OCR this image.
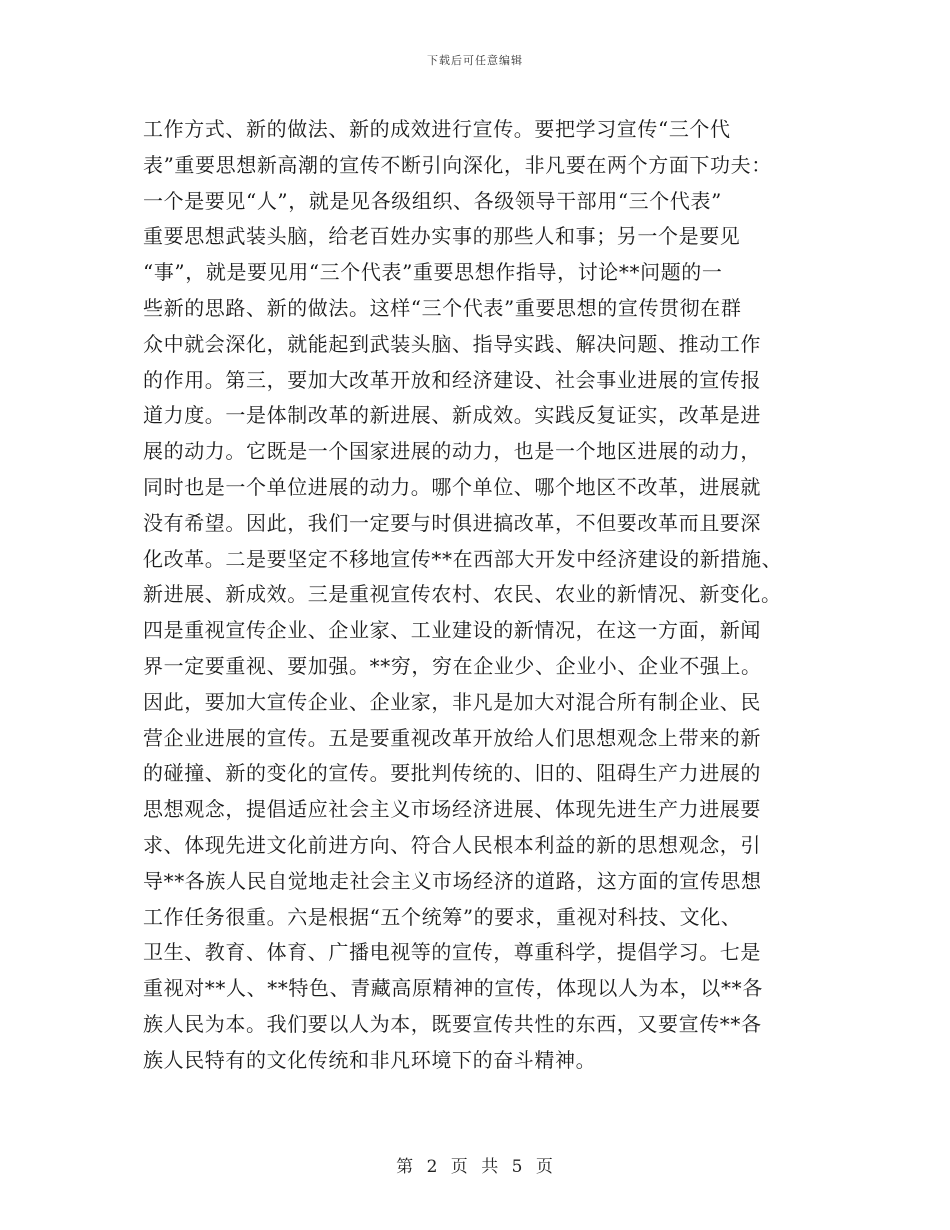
下载后可任意编辑
工作方式、新的做法、新的成效进行宣传。要把学习宣传“三个代
表”重要思想新高潮的宣传不断引向深化，非凡要在两个方面下功夫：
一个是要见“人”，就是见各级组织、各级领导干部用“三个代表”
重要思想武装头脑，给老百姓办实事的那些人和事；另一个是要见
“事”，就是要见用“三个代表”重要思想作指导，讨论**问题的一
些新的思路、新的做法。这样“三个代表”重要思想的宣传贯彻在群
众中就会深化，就能起到武装头脑、指导实践、解决问题、推动工作
的作用。第三，要加大改革开放和经济建设、社会事业进展的宣传报
道力度。一是体制改革的新进展、新成效。实践反复证实，改革是进
展的动力。它既是一个国家进展的动力，也是一个地区进展的动力，
同时也是一个单位进展的动力。哪个单位、哪个地区不改革，进展就
没有希望。因此，我们一定要与时俱进搞改革，不但要改革而且要深
化改革。二是要坚定不移地宣传**在西部大开发中经济建设的新措施、
新进展、新成效。三是重视宣传农村、农民、农业的新情况、新变化。
四是重视宣传企业、企业家、工业建设的新情况，在这一方面，新闻
界一定要重视、要加强。**穷，穷在企业少、企业小、企业不强上。
因此，要加大宣传企业、企业家，非凡是加大对混合所有制企业、民
营企业进展的宣传。五是要重视改革开放给人们思想观念上带来的新
的碰撞、新的变化的宣传。要批判传统的、旧的、阻碍生产力进展的
思想观念，提倡适应社会主义市场经济进展、体现先进生产力进展要
求、体现先进文化前进方向、符合人民根本利益的新的思想观念，引
导**各族人民自觉地走社会主义市场经济的道路，这方面的宣传思想
工作任务很重。六是根据“五个统筹”的要求，重视对科技、文化、
卫生、教育、体育、广播电视等的宣传，尊重科学，提倡学习。七是
重视对**人、**特色、青藏高原精神的宣传，体现以人为本，以**各
族人民为本。我们要以人为本，既要宣传共性的东西，又要宣传**各
族人民特有的文化传统和非凡环境下的奋斗精神。
第 2 页 共 5 页
